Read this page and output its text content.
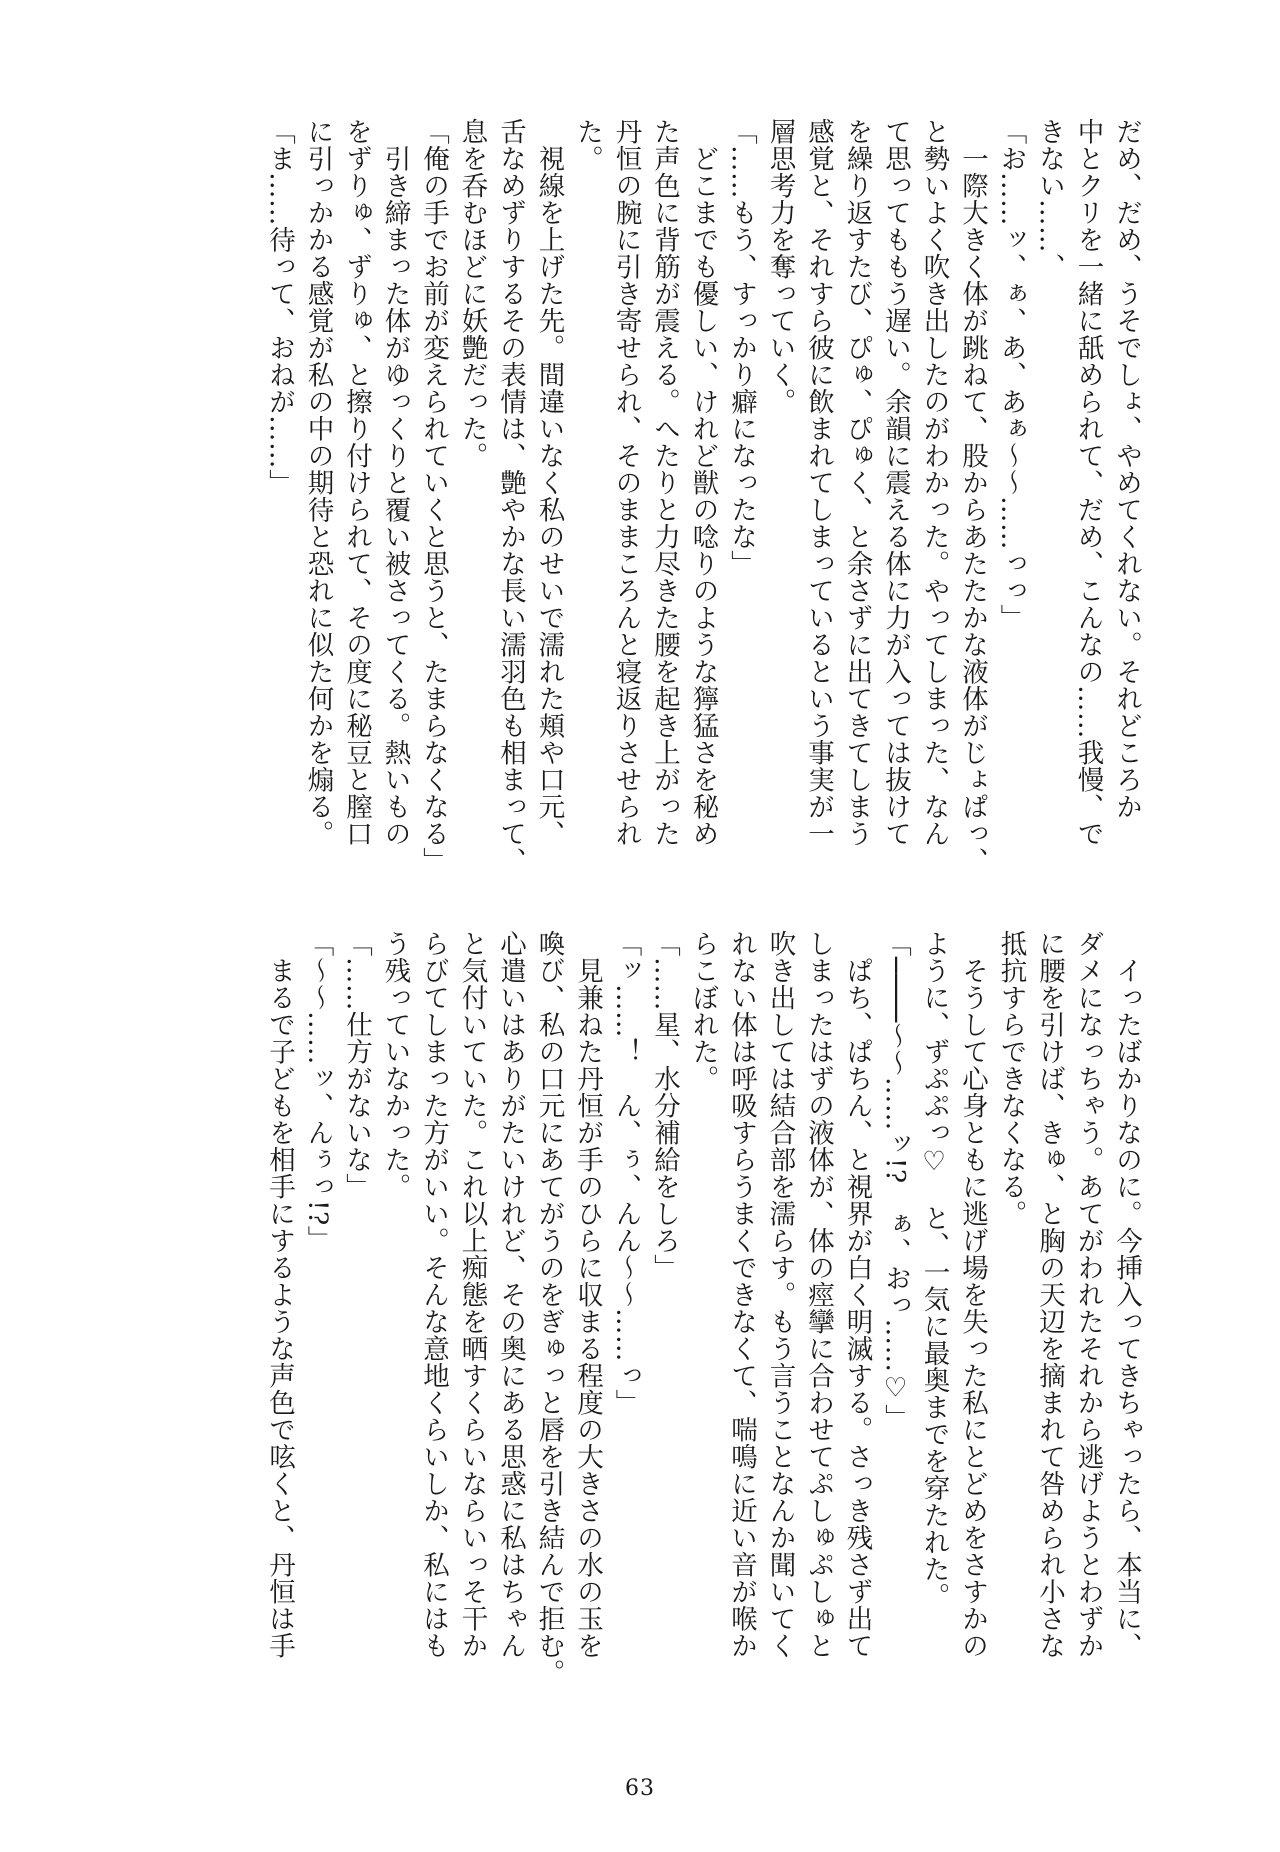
だめ、だめ、うそでしょ、やめてくれない。それどころか
中とクリを一緒に舐められて、だめ、こんなの……我慢、で
きない……、
「お……ッ、ぁ、あ、あぁ〜〜……っっ」
　一際大きく体が跳ねて、股からあたたかな液体がじょぱっ、
と勢いよく吹き出したのがわかった。やってしまった、なん
て思ってももう遅い。余韻に震える体に力が入っては抜けて
を繰り返すたび、ぴゅ、ぴゅく、と余さずに出てきてしまう
感覚と、それすら彼に飲まれてしまっているという事実が一
層思考力を奪っていく。
「……もう、すっかり癖になったな」
　どこまでも優しい、けれど獣の唸りのような獰猛さを秘め
た声色に背筋が震える。へたりと力尽きた腰を起き上がった
丹恒の腕に引き寄せられ、そのままころんと寝返りさせられ
た。
　視線を上げた先。間違いなく私のせいで濡れた頬や口元、
舌なめずりするその表情は、艶やかな長い濡羽色も相まって、
息を呑むほどに妖艶だった。
「俺の手でお前が変えられていくと思うと、たまらなくなる」
　引き締まった体がゆっくりと覆い被さってくる。熱いもの
をずりゅ、ずりゅ、と擦り付けられて、その度に秘豆と膣口
に引っかかる感覚が私の中の期待と恐れに似た何かを煽る。
「ま……待って、おねが……」
　イったばかりなのに。今挿入ってきちゃったら、本当に、
ダメになっちゃう。あてがわれたそれから逃げようとわずか
に腰を引けば、きゅ、と胸の天辺を摘まれて咎められ小さな
抵抗すらできなくなる。
　そうして心身ともに逃げ場を失った私にとどめをさすかの
ように、ずぷぷっ♡　と、一気に最奥までを穿たれた。
「────〜〜……ッ!?　ぁ、おっ……♡」
　ぱち、ぱちん、と視界が白く明滅する。さっき残さず出て
しまったはずの液体が、体の痙攣に合わせてぷしゅぷしゅと
吹き出しては結合部を濡らす。もう言うことなんか聞いてく
れない体は呼吸すらうまくできなくて、喘鳴に近い音が喉か
らこぼれた。
「……星、水分補給をしろ」
「ッ……！　ん、ぅ、んん〜〜……っ」
　見兼ねた丹恒が手のひらに収まる程度の大きさの水の玉を
喚び、私の口元にあてがうのをぎゅっと唇を引き結んで拒む。
心遣いはありがたいけれど、その奥にある思惑に私はちゃん
と気付いていた。これ以上痴態を晒すくらいならいっそ干か
らびてしまった方がいい。そんな意地くらいしか、私にはも
う残っていなかった。
「……仕方がないな」
「〜〜……ッ、んぅっ!?」
　まるで子どもを相手にするような声色で呟くと、丹恒は手
63
